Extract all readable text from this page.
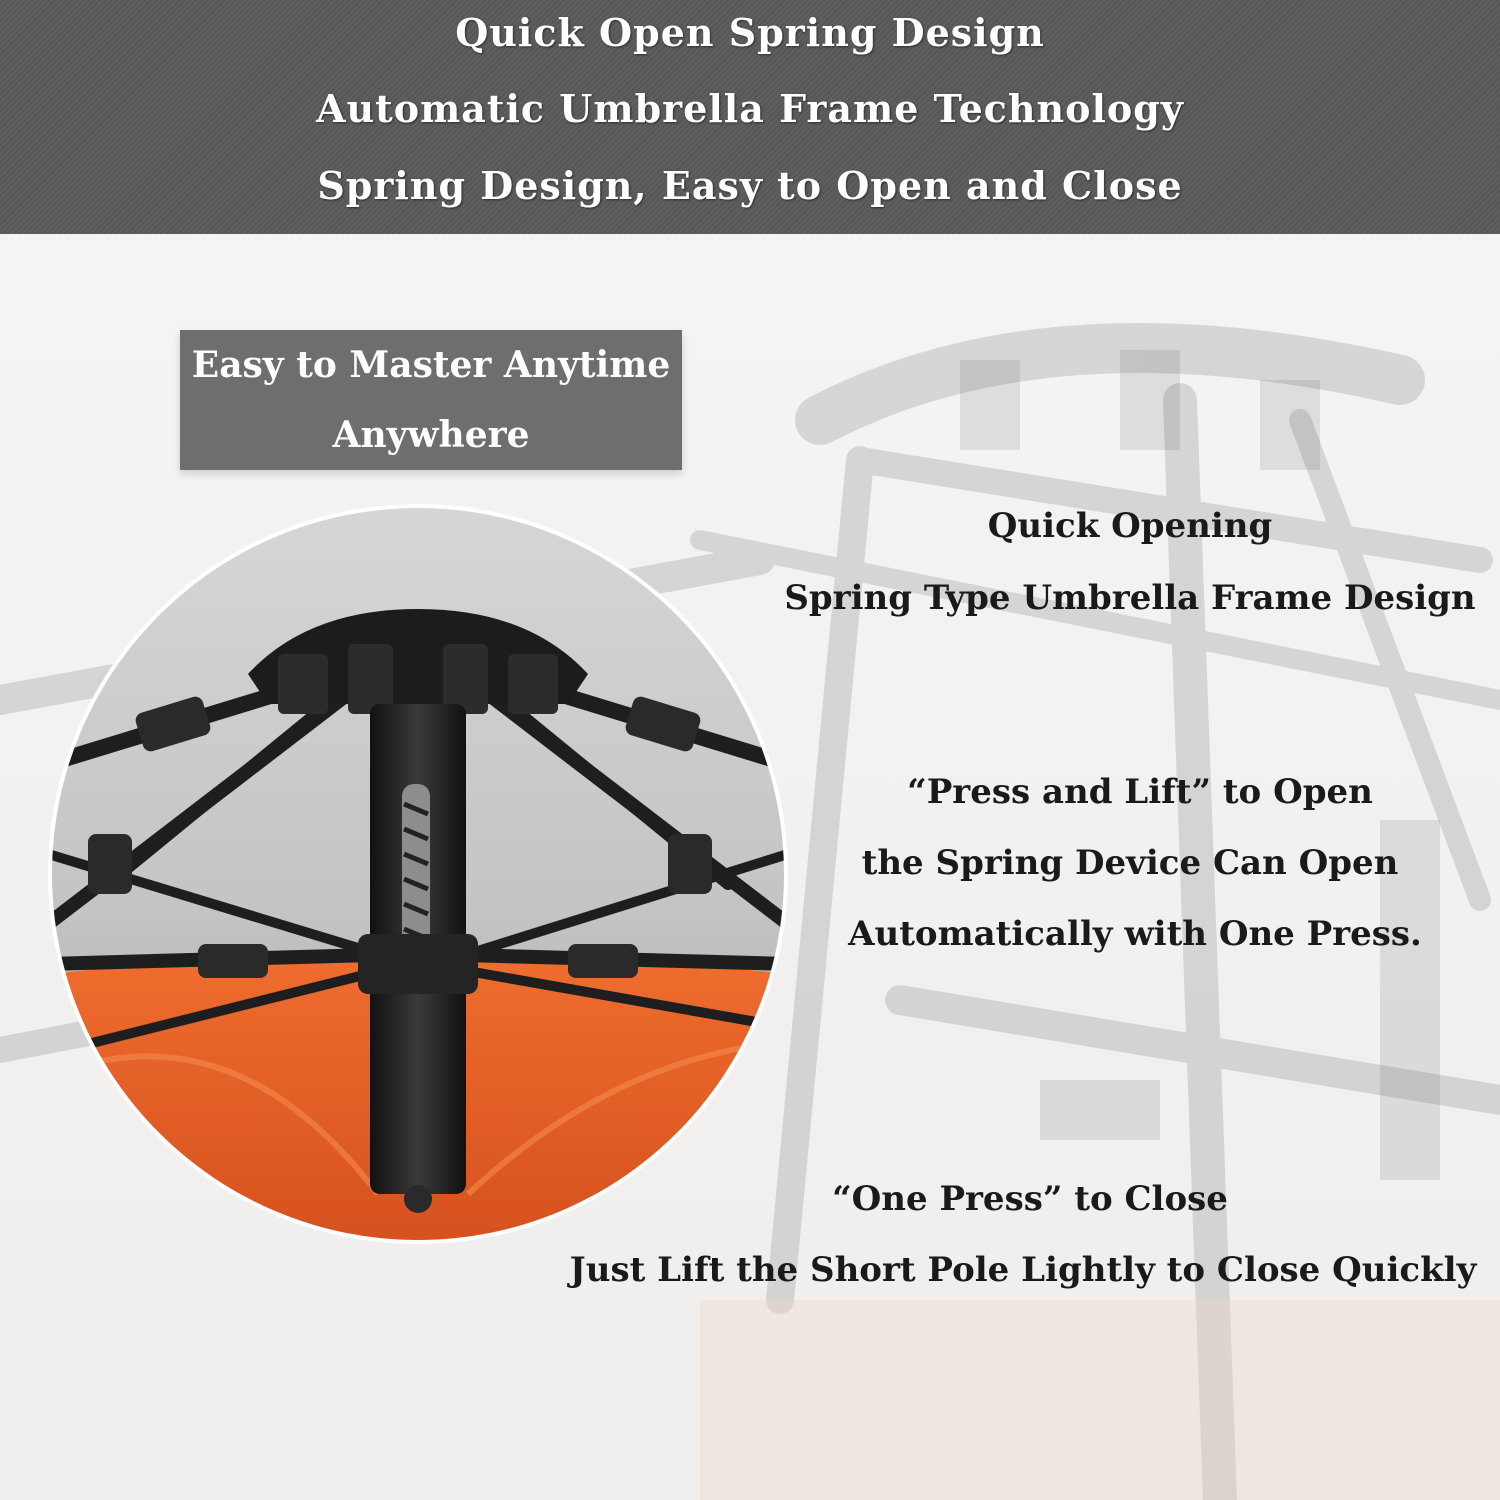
Quick Open Spring Design
Automatic Umbrella Frame Technology
Spring Design, Easy to Open and Close
Easy to Master Anytime
Anywhere
Quick Opening
Spring Type Umbrella Frame Design
“Press and Lift” to Open
the Spring Device Can Open
Automatically with One Press.
“One Press” to Close
Just Lift the Short Pole Lightly to Close Quickly
